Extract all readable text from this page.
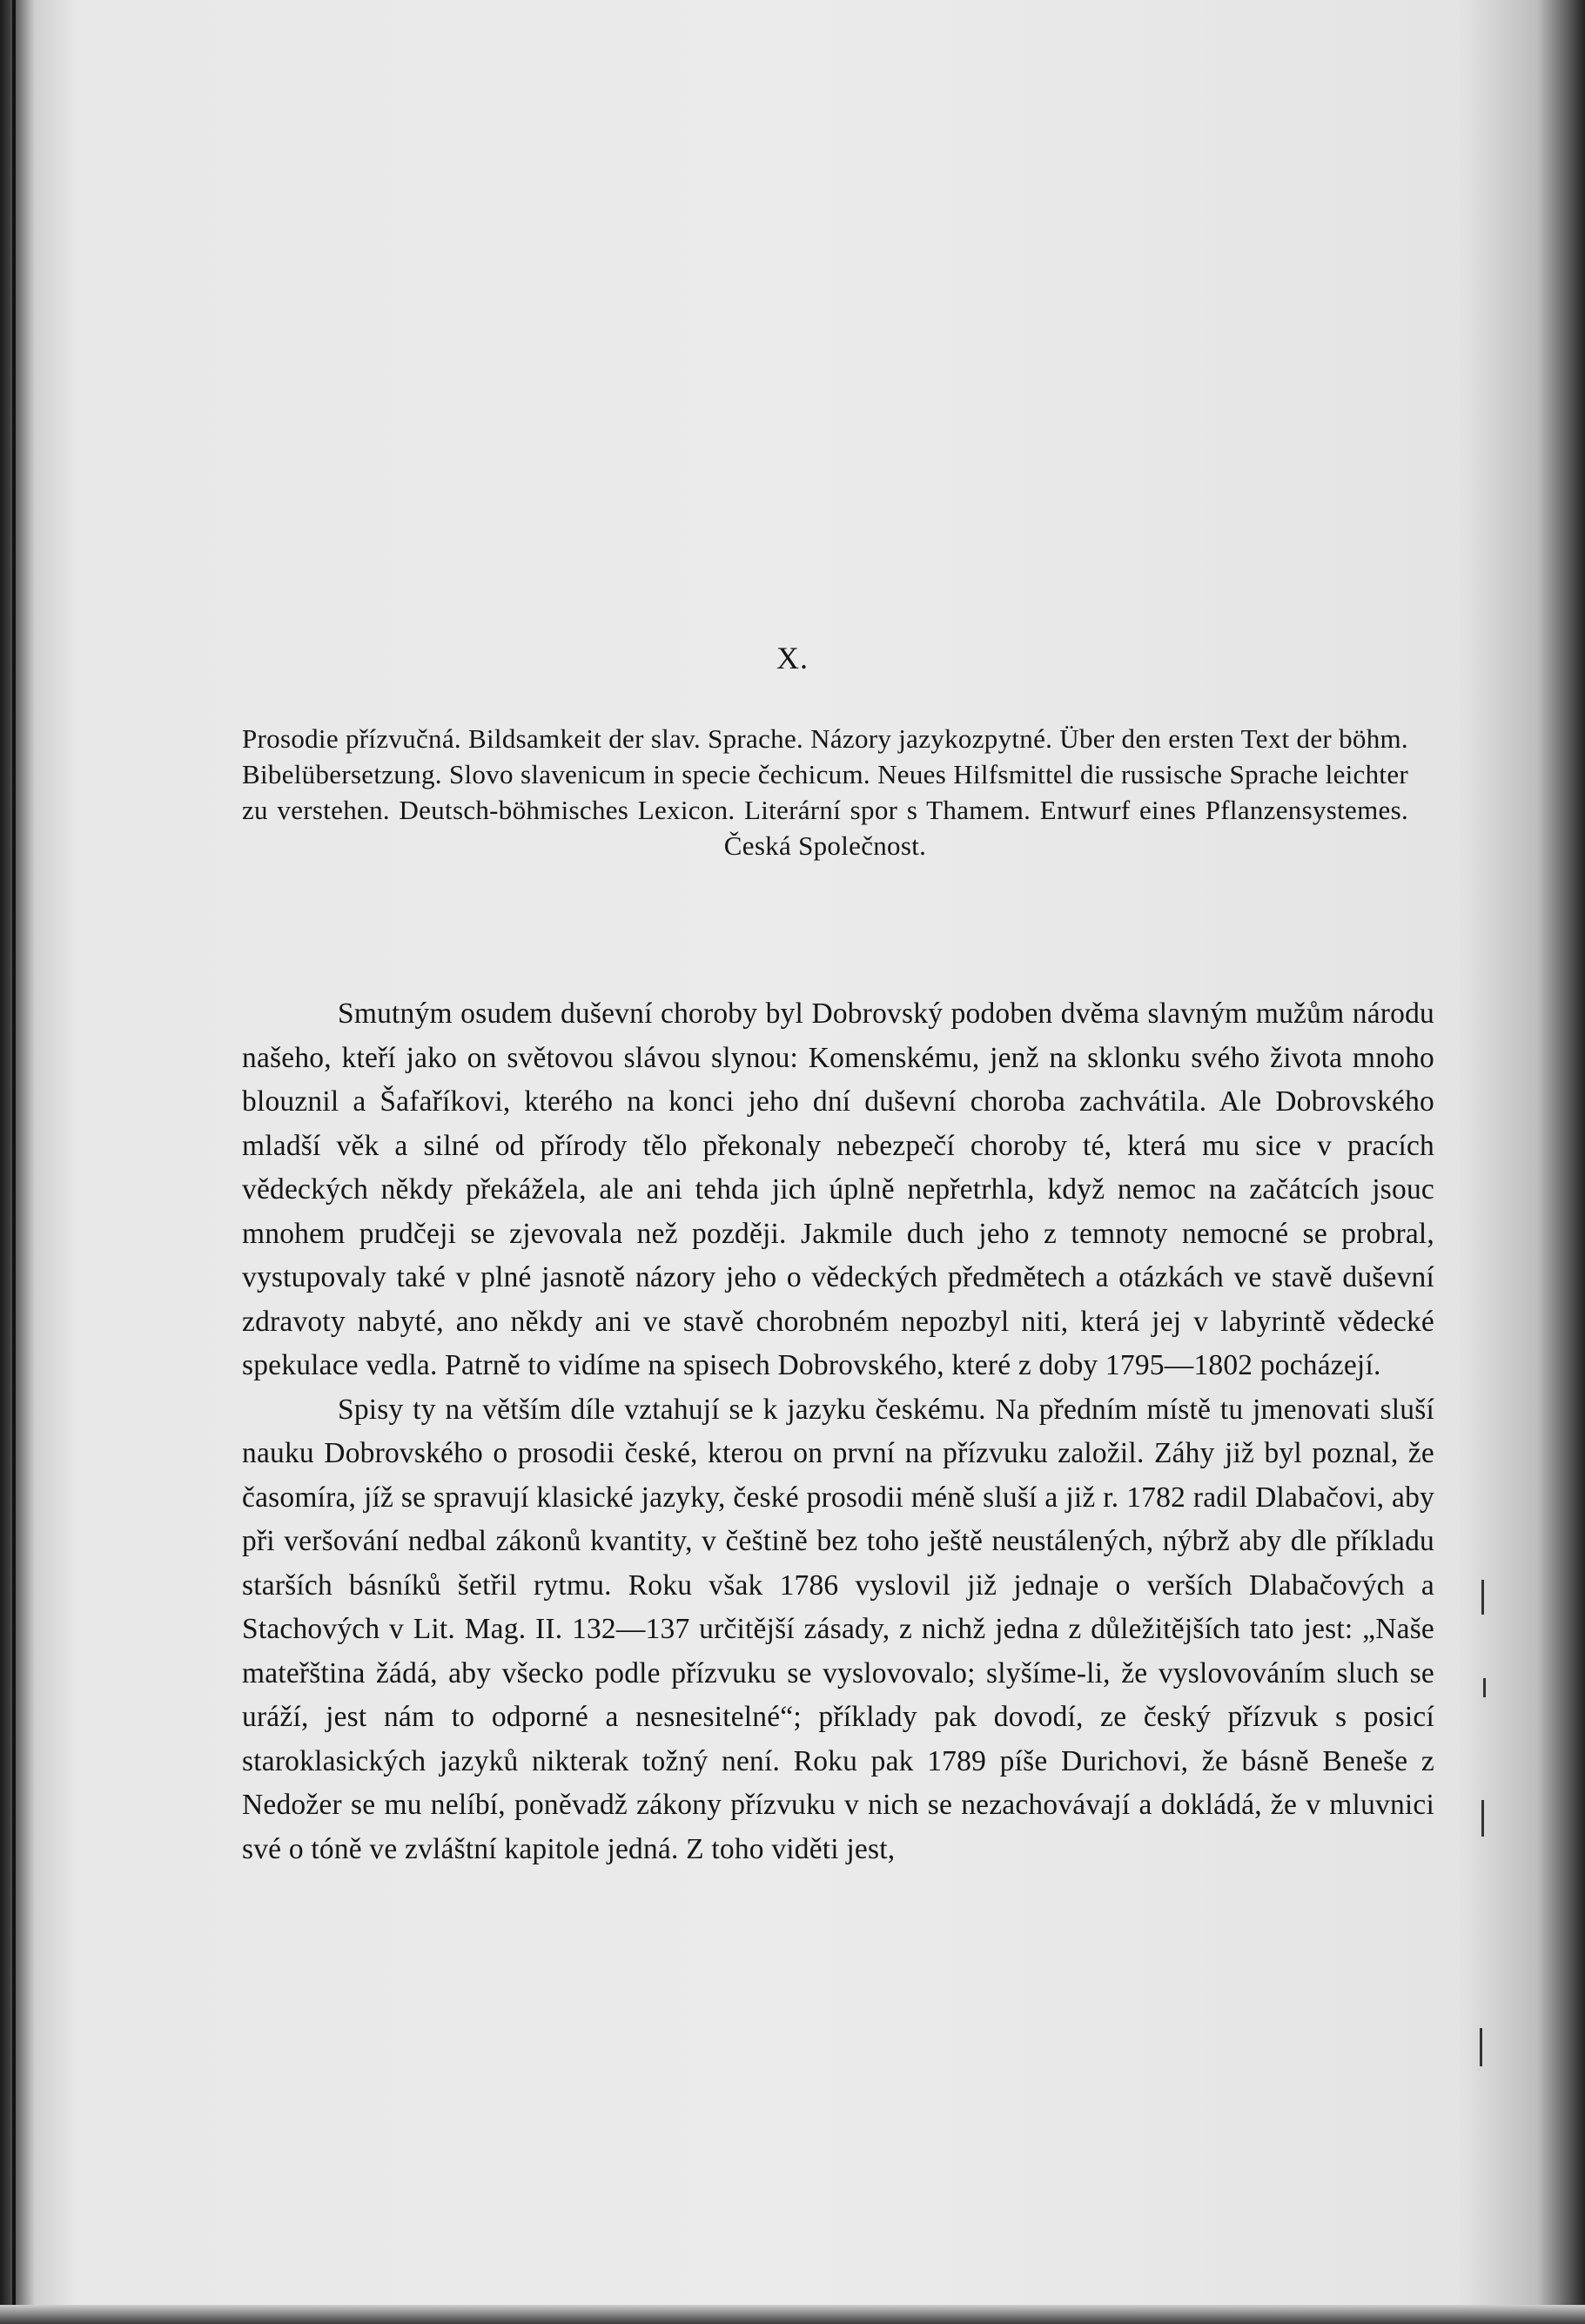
X.
Prosodie přízvučná. Bildsamkeit der slav. Sprache. Názory jazykozpytné. Über den ersten Text der böhm. Bibelübersetzung. Slovo slavenicum in specie čechicum. Neues Hilfsmittel die russische Sprache leichter zu verstehen. Deutsch-böhmisches Lexicon. Literární spor s Thamem. Entwurf eines Pflanzensystemes. Česká Společnost.

Smutným osudem duševní choroby byl Dobrovský podoben dvěma slavným mužům národu našeho, kteří jako on světovou slávou slynou: Komenskému, jenž na sklonku svého života mnoho blouznil a Šafaříkovi, kterého na konci jeho dní duševní choroba zachvátila. Ale Dobrovského mladší věk a silné od přírody tělo překonaly nebezpečí choroby té, která mu sice v pracích vědeckých někdy překážela, ale ani tehda jich úplně nepřetrhla, když nemoc na začátcích jsouc mnohem prudčeji se zjevovala než později. Jakmile duch jeho z temnoty nemocné se probral, vystupovaly také v plné jasnotě názory jeho o vědeckých předmětech a otázkách ve stavě duševní zdravoty nabyté, ano někdy ani ve stavě chorobném nepozbyl niti, která jej v labyrintě vědecké spekulace vedla. Patrně to vidíme na spisech Dobrovského, které z doby 1795—1802 pocházejí.

Spisy ty na větším díle vztahují se k jazyku českému. Na předním místě tu jmenovati sluší nauku Dobrovského o prosodii české, kterou on první na přízvuku založil. Záhy již byl poznal, že časomíra, jíž se spravují klasické jazyky, české prosodii méně sluší a již r. 1782 radil Dlabačovi, aby při veršování nedbal zákonů kvantity, v češtině bez toho ještě neustálených, nýbrž aby dle příkladu starších básníků šetřil rytmu. Roku však 1786 vyslovil již jednaje o verších Dlabačových a Stachových v Lit. Mag. II. 132—137 určitější zásady, z nichž jedna z důležitějších tato jest: „Naše mateřština žádá, aby všecko podle přízvuku se vyslovovalo; slyšíme-li, že vyslovováním sluch se uráží, jest nám to odporné a nesnesitelné“; příklady pak dovodí, ze český přízvuk s posicí staroklasických jazyků nikterak tožný není. Roku pak 1789 píše Durichovi, že básně Beneše z Nedožer se mu nelíbí, poněvadž zákony přízvuku v nich se nezachovávají a dokládá, že v mluvnici své o tóně ve zvláštní kapitole jedná. Z toho viděti jest,
